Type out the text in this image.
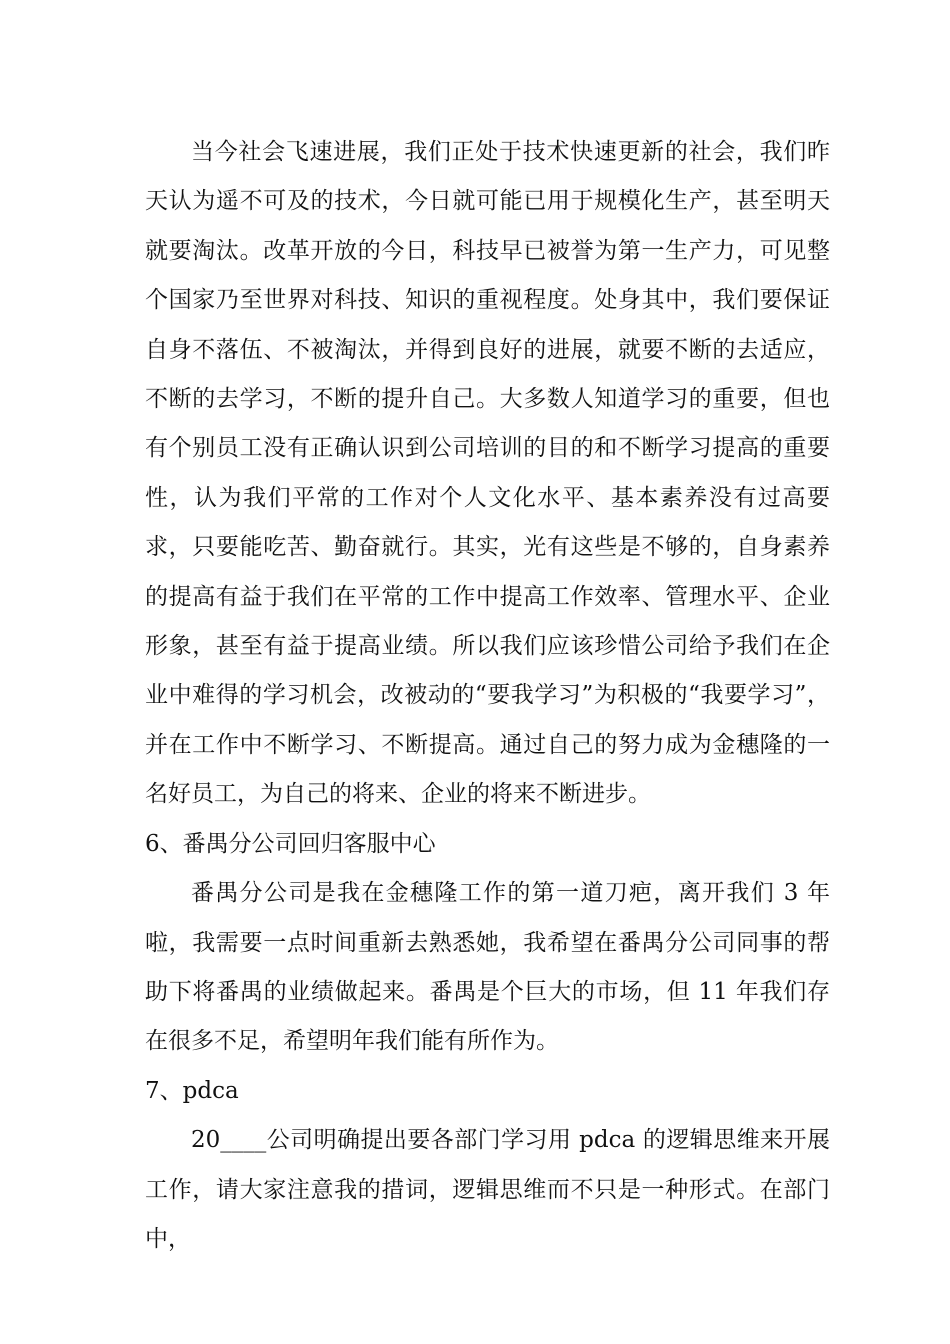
当今社会飞速进展，我们正处于技术快速更新的社会，我们昨天认为遥不可及的技术，今日就可能已用于规模化生产，甚至明天就要淘汰。改革开放的今日，科技早已被誉为第一生产力，可见整个国家乃至世界对科技、知识的重视程度。处身其中，我们要保证自身不落伍、不被淘汰，并得到良好的进展，就要不断的去适应，不断的去学习，不断的提升自己。大多数人知道学习的重要，但也有个别员工没有正确认识到公司培训的目的和不断学习提高的重要性，认为我们平常的工作对个人文化水平、基本素养没有过高要求，只要能吃苦、勤奋就行。其实，光有这些是不够的，自身素养的提高有益于我们在平常的工作中提高工作效率、管理水平、企业形象，甚至有益于提高业绩。所以我们应该珍惜公司给予我们在企业中难得的学习机会，改被动的“要我学习”为积极的“我要学习”，并在工作中不断学习、不断提高。通过自己的努力成为金穗隆的一名好员工，为自己的将来、企业的将来不断进步。

6、番禺分公司回归客服中心

番禺分公司是我在金穗隆工作的第一道刀疤，离开我们 3 年啦，我需要一点时间重新去熟悉她，我希望在番禺分公司同事的帮助下将番禺的业绩做起来。番禺是个巨大的市场，但 11 年我们存在很多不足，希望明年我们能有所作为。

7、pdca

20____公司明确提出要各部门学习用 pdca 的逻辑思维来开展工作，请大家注意我的措词，逻辑思维而不只是一种形式。在部门中，
